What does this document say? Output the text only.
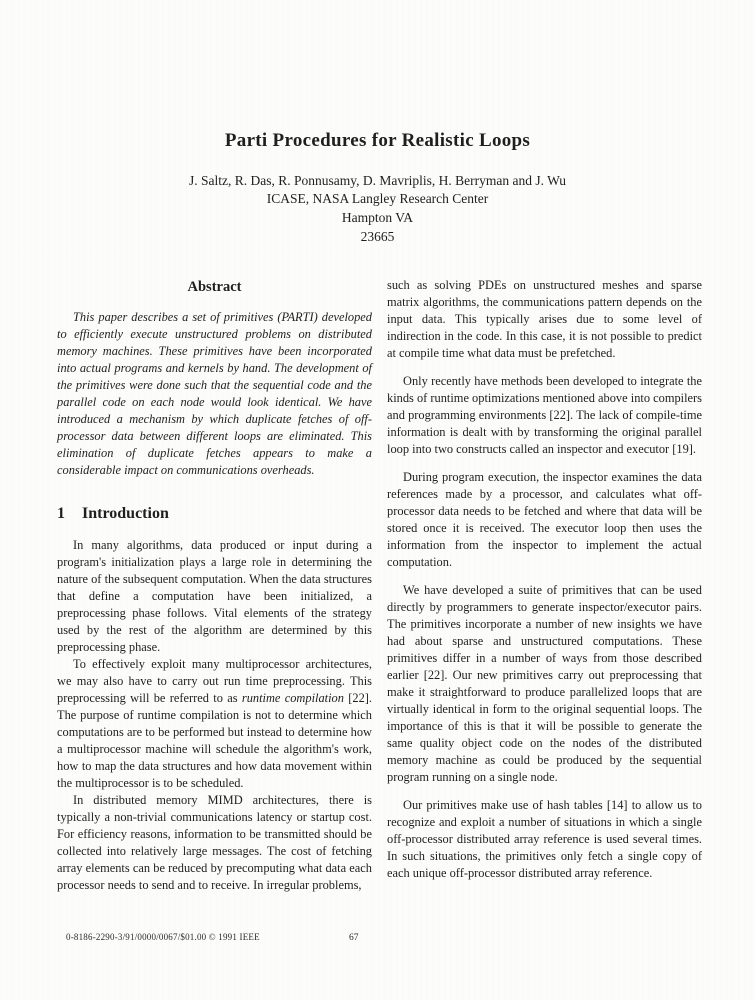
Parti Procedures for Realistic Loops
J. Saltz, R. Das, R. Ponnusamy, D. Mavriplis, H. Berryman and J. Wu
ICASE, NASA Langley Research Center
Hampton VA
23665
Abstract

This paper describes a set of primitives (PARTI) developed to efficiently execute unstructured problems on distributed memory machines. These primitives have been incorporated into actual programs and kernels by hand. The development of the primitives were done such that the sequential code and the parallel code on each node would look identical. We have introduced a mechanism by which duplicate fetches of off-processor data between different loops are eliminated. This elimination of duplicate fetches appears to make a considerable impact on communications overheads.

1 Introduction

In many algorithms, data produced or input during a program's initialization plays a large role in determining the nature of the subsequent computation. When the data structures that define a computation have been initialized, a preprocessing phase follows. Vital elements of the strategy used by the rest of the algorithm are determined by this preprocessing phase.

To effectively exploit many multiprocessor architectures, we may also have to carry out run time preprocessing. This preprocessing will be referred to as runtime compilation [22]. The purpose of runtime compilation is not to determine which computations are to be performed but instead to determine how a multiprocessor machine will schedule the algorithm's work, how to map the data structures and how data movement within the multiprocessor is to be scheduled.

In distributed memory MIMD architectures, there is typically a non-trivial communications latency or startup cost. For efficiency reasons, information to be transmitted should be collected into relatively large messages. The cost of fetching array elements can be reduced by precomputing what data each processor needs to send and to receive. In irregular problems,

such as solving PDEs on unstructured meshes and sparse matrix algorithms, the communications pattern depends on the input data. This typically arises due to some level of indirection in the code. In this case, it is not possible to predict at compile time what data must be prefetched.

Only recently have methods been developed to integrate the kinds of runtime optimizations mentioned above into compilers and programming environments [22]. The lack of compile-time information is dealt with by transforming the original parallel loop into two constructs called an inspector and executor [19].

During program execution, the inspector examines the data references made by a processor, and calculates what off-processor data needs to be fetched and where that data will be stored once it is received. The executor loop then uses the information from the inspector to implement the actual computation.

We have developed a suite of primitives that can be used directly by programmers to generate inspector/executor pairs. The primitives incorporate a number of new insights we have had about sparse and unstructured computations. These primitives differ in a number of ways from those described earlier [22]. Our new primitives carry out preprocessing that make it straightforward to produce parallelized loops that are virtually identical in form to the original sequential loops. The importance of this is that it will be possible to generate the same quality object code on the nodes of the distributed memory machine as could be produced by the sequential program running on a single node.

Our primitives make use of hash tables [14] to allow us to recognize and exploit a number of situations in which a single off-processor distributed array reference is used several times. In such situations, the primitives only fetch a single copy of each unique off-processor distributed array reference.

0-8186-2290-3/91/0000/0067/$01.00 © 1991 IEEE	67
